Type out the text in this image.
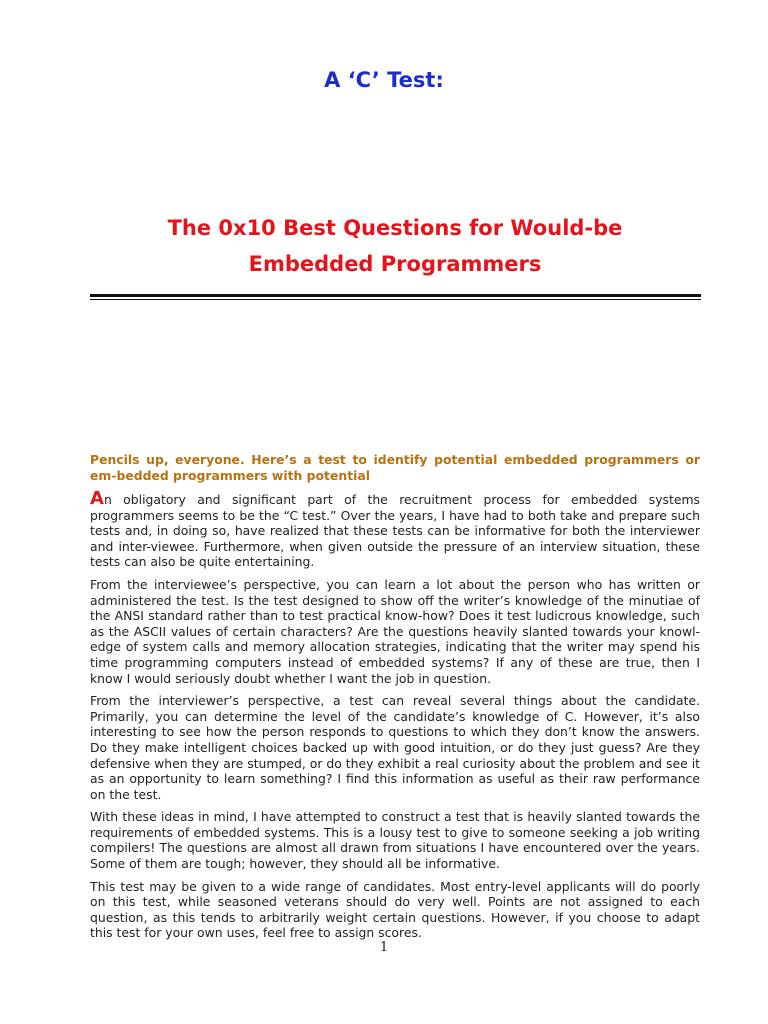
A ‘C’ Test:
The 0x10 Best Questions for Would-be
Embedded Programmers

Pencils up, everyone. Here’s a test to identify potential embedded programmers or em-bedded programmers with potential

An obligatory and significant part of the recruitment process for embedded systems programmers seems to be the “C test.” Over the years, I have had to both take and prepare such tests and, in doing so, have realized that these tests can be informative for both the interviewer and inter-viewee. Furthermore, when given outside the pressure of an interview situation, these tests can also be quite entertaining.

From the interviewee’s perspective, you can learn a lot about the person who has written or administered the test. Is the test designed to show off the writer’s knowledge of the minutiae of the ANSI standard rather than to test practical know-how? Does it test ludicrous knowledge, such as the ASCII values of certain characters? Are the questions heavily slanted towards your knowl-edge of system calls and memory allocation strategies, indicating that the writer may spend his time programming computers instead of embedded systems? If any of these are true, then I know I would seriously doubt whether I want the job in question.

From the interviewer’s perspective, a test can reveal several things about the candidate. Primarily, you can determine the level of the candidate’s knowledge of C. However, it’s also interesting to see how the person responds to questions to which they don’t know the answers. Do they make intelligent choices backed up with good intuition, or do they just guess? Are they defensive when they are stumped, or do they exhibit a real curiosity about the problem and see it as an opportunity to learn something? I find this information as useful as their raw performance on the test.

With these ideas in mind, I have attempted to construct a test that is heavily slanted towards the requirements of embedded systems. This is a lousy test to give to someone seeking a job writing compilers! The questions are almost all drawn from situations I have encountered over the years. Some of them are tough; however, they should all be informative.

This test may be given to a wide range of candidates. Most entry-level applicants will do poorly on this test, while seasoned veterans should do very well. Points are not assigned to each question, as this tends to arbitrarily weight certain questions. However, if you choose to adapt this test for your own uses, feel free to assign scores.

1
